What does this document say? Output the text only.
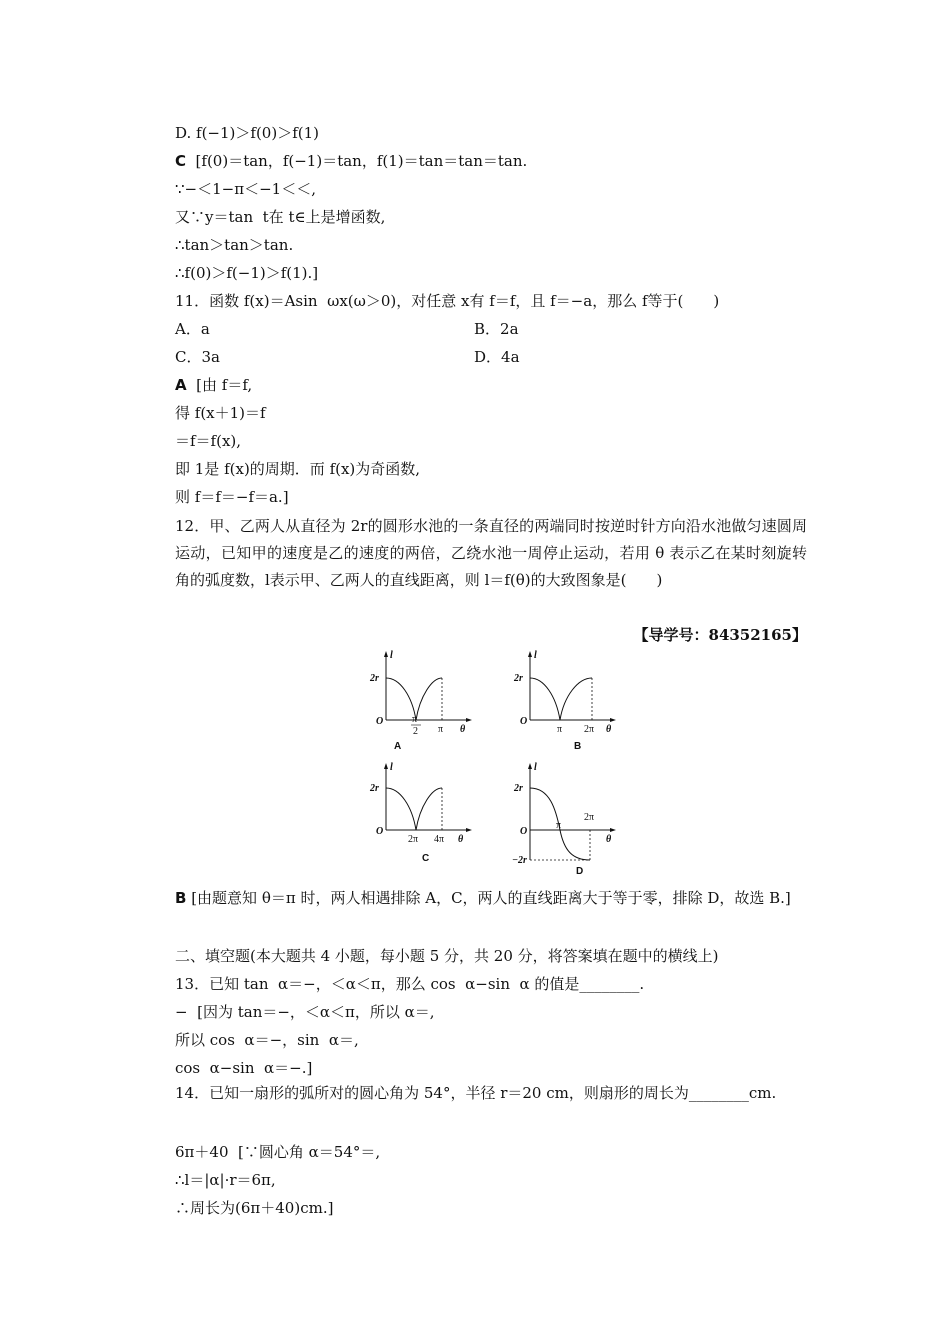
D. f(−1)＞f(0)＞f(1)
C  [f(0)＝tan，f(−1)＝tan，f(1)＝tan＝tan＝tan.
∵−＜1−π＜−1＜＜,
又∵y＝tan  t在 t∈上是增函数,
∴tan＞tan＞tan.
∴f(0)＞f(−1)＞f(1).]
11．函数 f(x)＝Asin  ωx(ω＞0)，对任意 x有 f＝f，且 f＝−a，那么 f等于(　　)
A．a	B．2a
C．3a	D．4a
A  [由 f＝f,
得 f(x＋1)＝f
＝f＝f(x),
即 1是 f(x)的周期．而 f(x)为奇函数,
则 f＝f＝−f＝a.]
12．甲、乙两人从直径为 2r的圆形水池的一条直径的两端同时按逆时针方向沿水池做匀速圆周运动，已知甲的速度是乙的速度的两倍，乙绕水池一周停止运动，若用 θ 表示乙在某时刻旋转角的弧度数，l表示甲、乙两人的直线距离，则 l＝f(θ)的大致图象是(　　)
【导学号：84352165】
l
2r
O	π
2 π θ
A
l
2r
O
π 2π θ
B
l
2r
O
2π 4π θ
C
l
2r
−2r
O
π
2π
θ
D
B [由题意知 θ＝π 时，两人相遇排除 A，C，两人的直线距离大于等于零，排除 D，故选 B.]
二、填空题(本大题共 4 小题，每小题 5 分，共 20 分，将答案填在题中的横线上)
13．已知 tan  α＝−，＜α＜π，那么 cos  α−sin  α 的值是________.
−  [因为 tan＝−，＜α＜π，所以 α＝,
所以 cos  α＝−，sin  α＝,
cos  α−sin  α＝−.]
14．已知一扇形的弧所对的圆心角为 54°，半径 r＝20 cm，则扇形的周长为________cm.
6π＋40  [∵圆心角 α＝54°＝,
∴l＝|α|·r＝6π,
∴周长为(6π＋40)cm.]
